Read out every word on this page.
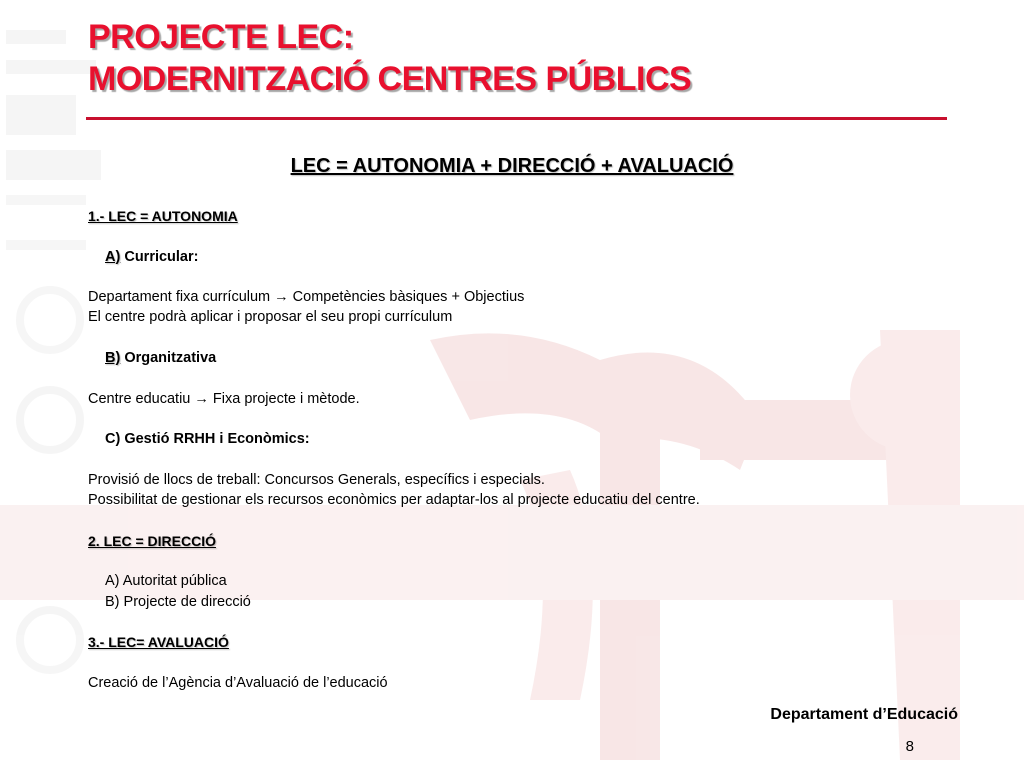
PROJECTE LEC:
MODERNITZACIÓ CENTRES PÚBLICS
LEC = AUTONOMIA + DIRECCIÓ + AVALUACIÓ
1.- LEC = AUTONOMIA
A) Curricular:
Departament fixa currículum → Competències bàsiques + Objectius
El centre podrà aplicar i proposar el seu propi currículum
B) Organitzativa
Centre educatiu → Fixa projecte i mètode.
C) Gestió RRHH i Econòmics:
Provisió de llocs de treball: Concursos Generals, específics i especials.
Possibilitat de gestionar els recursos econòmics per adaptar-los al projecte educatiu del centre.
2. LEC = DIRECCIÓ
A) Autoritat pública
B) Projecte de direcció
3.- LEC= AVALUACIÓ
Creació de l’Agència d’Avaluació de l’educació
Departament d’Educació
8
